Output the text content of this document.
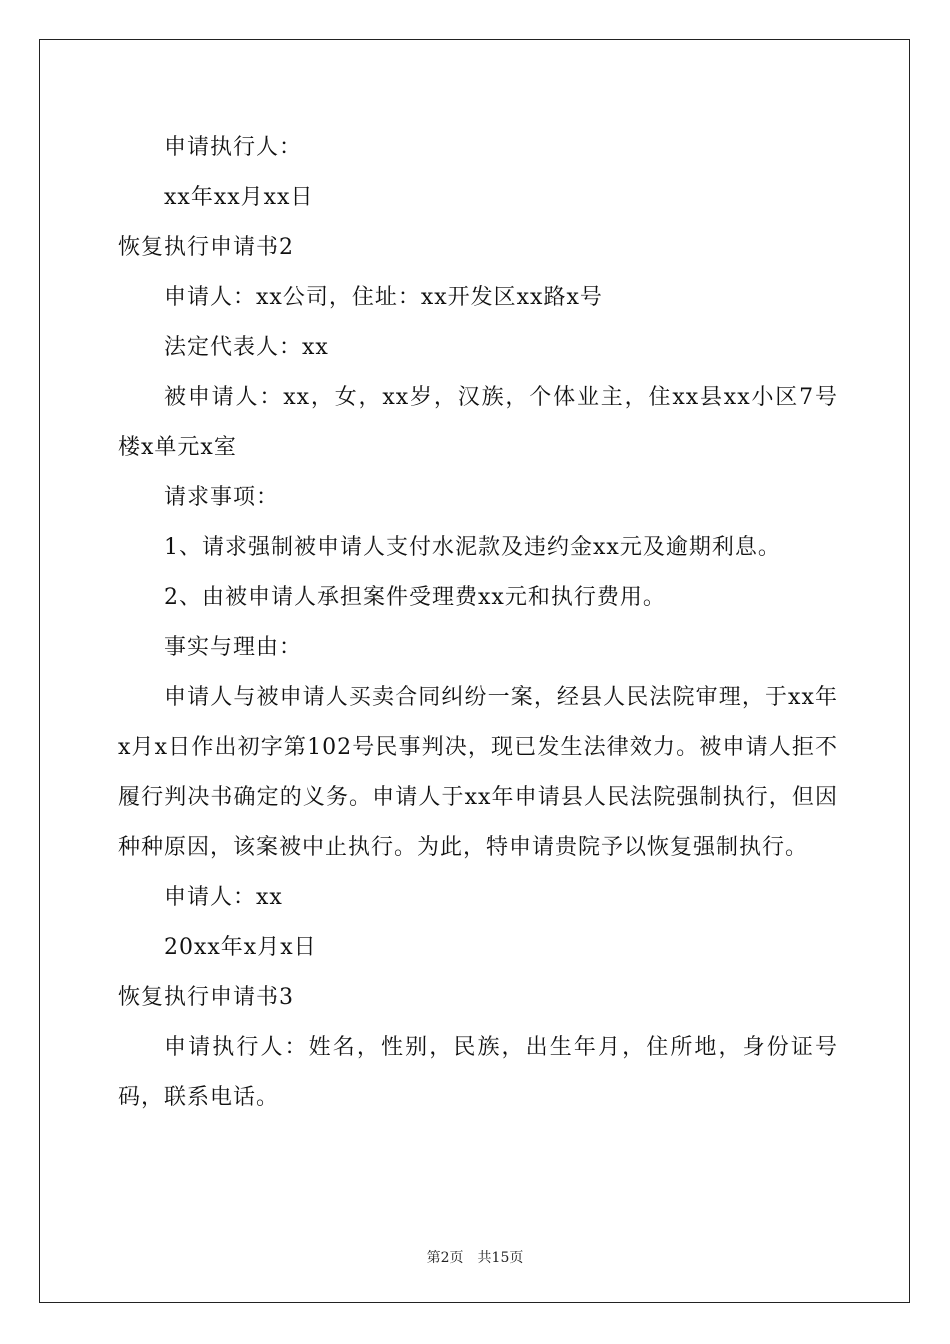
申请执行人：
xx年xx月xx日
恢复执行申请书2
申请人：xx公司，住址：xx开发区xx路x号
法定代表人：xx
被申请人：xx，女，xx岁，汉族，个体业主，住xx县xx小区7号楼x单元x室
请求事项：
1、请求强制被申请人支付水泥款及违约金xx元及逾期利息。
2、由被申请人承担案件受理费xx元和执行费用。
事实与理由：
申请人与被申请人买卖合同纠纷一案，经县人民法院审理，于xx年x月x日作出初字第102号民事判决，现已发生法律效力。被申请人拒不履行判决书确定的义务。申请人于xx年申请县人民法院强制执行，但因种种原因，该案被中止执行。为此，特申请贵院予以恢复强制执行。
申请人：xx
20xx年x月x日
恢复执行申请书3
申请执行人：姓名，性别，民族，出生年月，住所地，身份证号码，联系电话。
第2页　共15页
